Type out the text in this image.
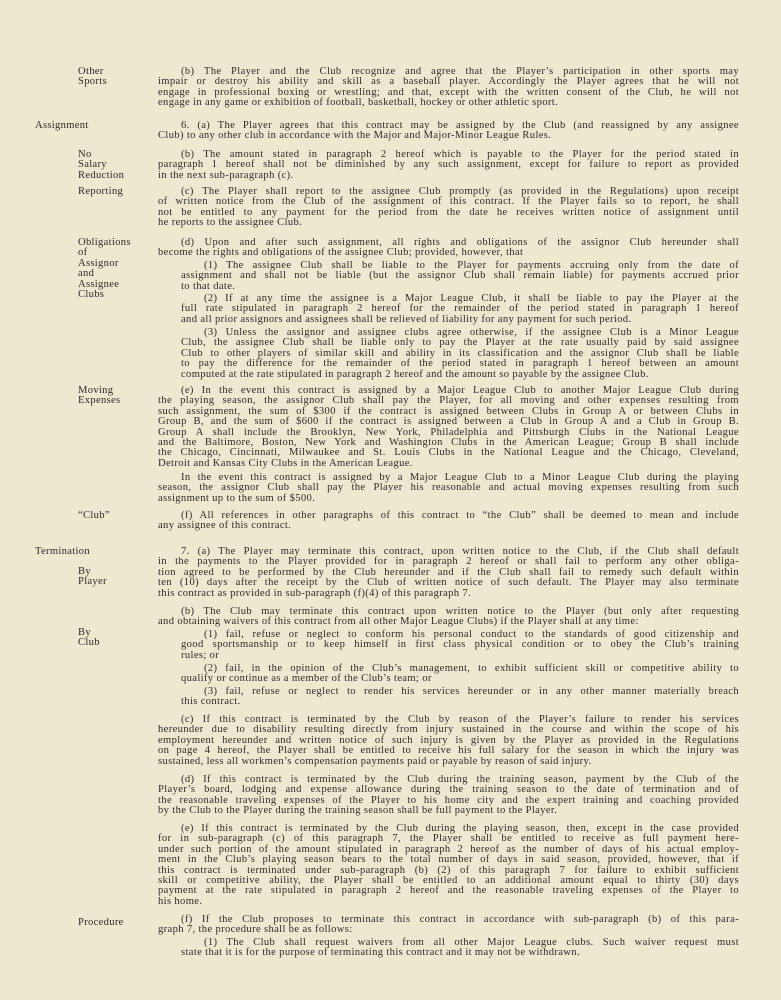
Other
Sports
Assignment
No
Salary
Reduction
Reporting
Obligations
of
Assignor
and
Assignee
Clubs
Moving
Expenses
“Club”
Termination
By
Player
By
Club
Procedure
(b) The Player and the Club recognize and agree that the Player’s participation in other sports may
impair or destroy his ability and skill as a baseball player. Accordingly the Player agrees that he will not
engage in professional boxing or wrestling; and that, except with the written consent of the Club, he will not
engage in any game or exhibition of football, basketball, hockey or other athletic sport.
6. (a) The Player agrees that this contract may be assigned by the Club (and reassigned by any assignee
Club) to any other club in accordance with the Major and Major-Minor League Rules.
(b) The amount stated in paragraph 2 hereof which is payable to the Player for the period stated in
paragraph 1 hereof shall not be diminished by any such assignment, except for failure to report as provided
in the next sub-paragraph (c).
(c) The Player shall report to the assignee Club promptly (as provided in the Regulations) upon receipt
of written notice from the Club of the assignment of this contract. If the Player fails so to report, he shall
not be entitled to any payment for the period from the date he receives written notice of assignment until
he reports to the assignee Club.
(d) Upon and after such assignment, all rights and obligations of the assignor Club hereunder shall
become the rights and obligations of the assignee Club; provided, however, that
(1) The assignee Club shall be liable to the Player for payments accruing only from the date of
assignment and shall not be liable (but the assignor Club shall remain liable) for payments accrued prior
to that date.
(2) If at any time the assignee is a Major League Club, it shall be liable to pay the Player at the
full rate stipulated in paragraph 2 hereof for the remainder of the period stated in paragraph 1 hereof
and all prior assignors and assignees shall be relieved of liability for any payment for such period.
(3) Unless the assignor and assignee clubs agree otherwise, if the assignee Club is a Minor League
Club, the assignee Club shall be liable only to pay the Player at the rate usually paid by said assignee
Club to other players of similar skill and ability in its classification and the assignor Club shall be liable
to pay the difference for the remainder of the period stated in paragraph 1 hereof between an amount
computed at the rate stipulated in paragraph 2 hereof and the amount so payable by the assignee Club.
(e) In the event this contract is assigned by a Major League Club to another Major League Club during
the playing season, the assignor Club shall pay the Player, for all moving and other expenses resulting from
such assignment, the sum of $300 if the contract is assigned between Clubs in Group A or between Clubs in
Group B, and the sum of $600 if the contract is assigned between a Club in Group A and a Club in Group B.
Group A shall include the Brooklyn, New York, Philadelphia and Pittsburgh Clubs in the National League
and the Baltimore, Boston, New York and Washington Clubs in the American League; Group B shall include
the Chicago, Cincinnati, Milwaukee and St. Louis Clubs in the National League and the Chicago, Cleveland,
Detroit and Kansas City Clubs in the American League.
In the event this contract is assigned by a Major League Club to a Minor League Club during the playing
season, the assignor Club shall pay the Player his reasonable and actual moving expenses resulting from such
assignment up to the sum of $500.
(f) All references in other paragraphs of this contract to “the Club” shall be deemed to mean and include
any assignee of this contract.
7. (a) The Player may terminate this contract, upon written notice to the Club, if the Club shall default
in the payments to the Player provided for in paragraph 2 hereof or shall fail to perform any other obliga-
tion agreed to be performed by the Club hereunder and if the Club shall fail to remedy such default within
ten (10) days after the receipt by the Club of written notice of such default. The Player may also terminate
this contract as provided in sub-paragraph (f)(4) of this paragraph 7.
(b) The Club may terminate this contract upon written notice to the Player (but only after requesting
and obtaining waivers of this contract from all other Major League Clubs) if the Player shall at any time:
(1) fail, refuse or neglect to conform his personal conduct to the standards of good citizenship and
good sportsmanship or to keep himself in first class physical condition or to obey the Club’s training
rules; or
(2) fail, in the opinion of the Club’s management, to exhibit sufficient skill or competitive ability to
qualify or continue as a member of the Club’s team; or
(3) fail, refuse or neglect to render his services hereunder or in any other manner materially breach
this contract.
(c) If this contract is terminated by the Club by reason of the Player’s failure to render his services
hereunder due to disability resulting directly from injury sustained in the course and within the scope of his
employment hereunder and written notice of such injury is given by the Player as provided in the Regulations
on page 4 hereof, the Player shall be entitled to receive his full salary for the season in which the injury was
sustained, less all workmen’s compensation payments paid or payable by reason of said injury.
(d) If this contract is terminated by the Club during the training season, payment by the Club of the
Player’s board, lodging and expense allowance during the training season to the date of termination and of
the reasonable traveling expenses of the Player to his home city and the expert training and coaching provided
by the Club to the Player during the training season shall be full payment to the Player.
(e) If this contract is terminated by the Club during the playing season, then, except in the case provided
for in sub-paragraph (c) of this paragraph 7, the Player shall be entitled to receive as full payment here-
under such portion of the amount stipulated in paragraph 2 hereof as the number of days of his actual employ-
ment in the Club’s playing season bears to the total number of days in said season, provided, however, that if
this contract is terminated under sub-paragraph (b) (2) of this paragraph 7 for failure to exhibit sufficient
skill or competitive ability, the Player shall be entitled to an additional amount equal to thirty (30) days
payment at the rate stipulated in paragraph 2 hereof and the reasonable traveling expenses of the Player to
his home.
(f) If the Club proposes to terminate this contract in accordance with sub-paragraph (b) of this para-
graph 7, the procedure shall be as follows:
(1) The Club shall request waivers from all other Major League clubs. Such waiver request must
state that it is for the purpose of terminating this contract and it may not be withdrawn.
